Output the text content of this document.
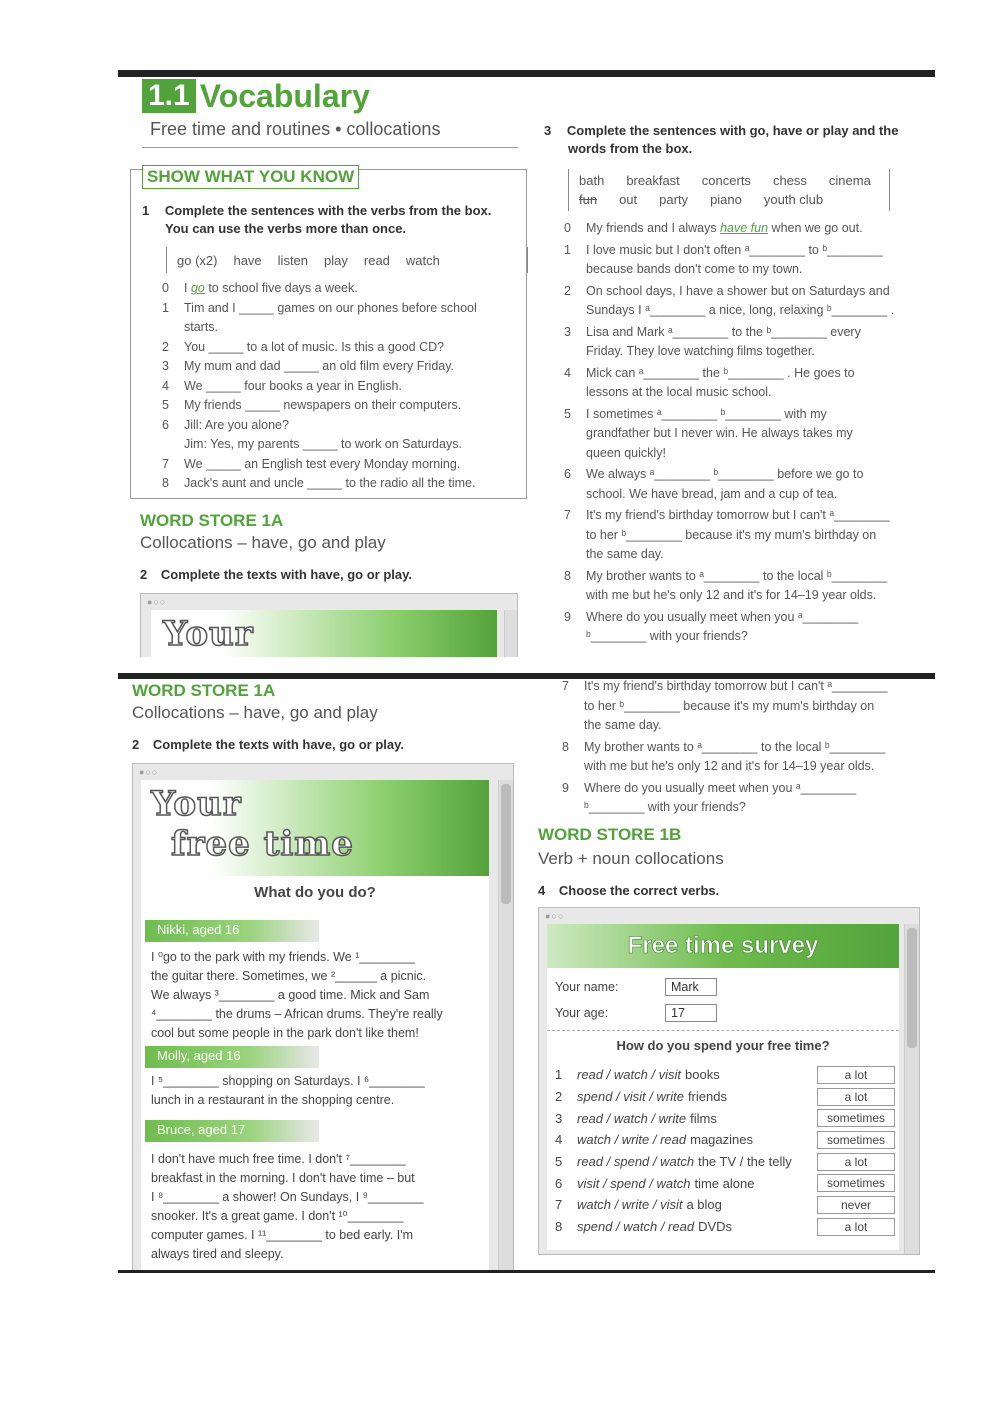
1.1 Vocabulary
Free time and routines • collocations
SHOW WHAT YOU KNOW
1 Complete the sentences with the verbs from the box.
You can use the verbs more than once.
go (x2) have listen play read watch
0 I go to school five days a week.
1 Tim and I _____ games on our phones before school
starts.
2 You _____ to a lot of music. Is this a good CD?
3 My mum and dad _____ an old film every Friday.
4 We _____ four books a year in English.
5 My friends _____ newspapers on their computers.
6 Jill: Are you alone?
Jim: Yes, my parents _____ to work on Saturdays.
7 We _____ an English test every Monday morning.
8 Jack's aunt and uncle _____ to the radio all the time.
WORD STORE 1A
Collocations – have, go and play
2 Complete the texts with have, go or play.
●○○
Your
3 Complete the sentences with go, have or play and the
words from the box.
bath breakfast concerts chess cinema
fun out party piano youth club
0 My friends and I always have fun when we go out.
1 I love music but I don't often ᵃ________ to ᵇ________
because bands don't come to my town.
2 On school days, I have a shower but on Saturdays and
Sundays I ᵃ________ a nice, long, relaxing ᵇ________ .
3 Lisa and Mark ᵃ________ to the ᵇ________ every
Friday. They love watching films together.
4 Mick can ᵃ________ the ᵇ________ . He goes to
lessons at the local music school.
5 I sometimes ᵃ________ ᵇ________ with my
grandfather but I never win. He always takes my
queen quickly!
6 We always ᵃ________ ᵇ________ before we go to
school. We have bread, jam and a cup of tea.
7 It's my friend's birthday tomorrow but I can't ᵃ________
to her ᵇ________ because it's my mum's birthday on
the same day.
8 My brother wants to ᵃ________ to the local ᵇ________
with me but he's only 12 and it's for 14–19 year olds.
9 Where do you usually meet when you ᵃ________
ᵇ________ with your friends?
WORD STORE 1A
Collocations – have, go and play
2 Complete the texts with have, go or play.
●○○
Your
free time
What do you do?
Nikki, aged 16
I ⁰go to the park with my friends. We ¹________
the guitar there. Sometimes, we ²______ a picnic.
We always ³________ a good time. Mick and Sam
⁴________ the drums – African drums. They're really
cool but some people in the park don't like them!
Molly, aged 16
I ⁵________ shopping on Saturdays. I ⁶________
lunch in a restaurant in the shopping centre.
Bruce, aged 17
I don't have much free time. I don't ⁷________
breakfast in the morning. I don't have time – but
I ⁸________ a shower! On Sundays, I ⁹________
snooker. It's a great game. I don't ¹⁰________
computer games. I ¹¹________ to bed early. I'm
always tired and sleepy.
7 It's my friend's birthday tomorrow but I can't ᵃ________
to her ᵇ________ because it's my mum's birthday on
the same day.
8 My brother wants to ᵃ________ to the local ᵇ________
with me but he's only 12 and it's for 14–19 year olds.
9 Where do you usually meet when you ᵃ________
ᵇ________ with your friends?
WORD STORE 1B
Verb + noun collocations
4 Choose the correct verbs.
●○○
Free time survey
Your name:	Mark
Your age:	17
How do you spend your free time?
1	read / watch / visit books	a lot
2	spend / visit / write friends	a lot
3	read / watch / write films	sometimes
4	watch / write / read magazines	sometimes
5	read / spend / watch the TV / the telly	a lot
6	visit / spend / watch time alone	sometimes
7	watch / write / visit a blog	never
8	spend / watch / read DVDs	a lot
